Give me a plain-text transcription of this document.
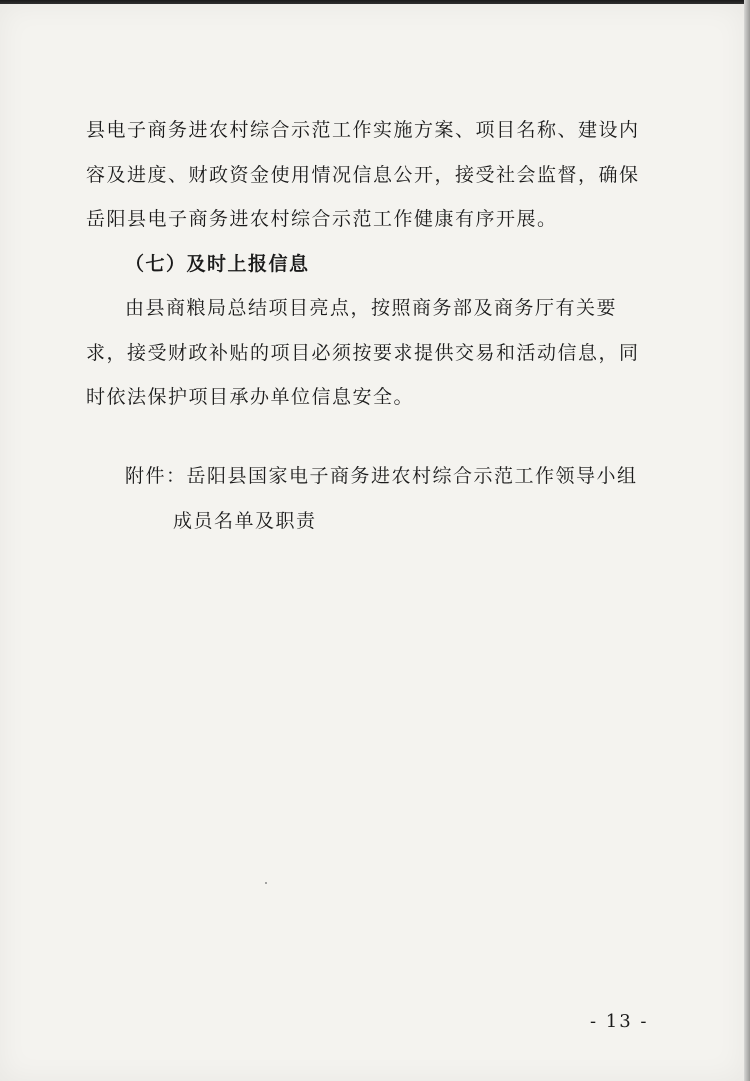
县电子商务进农村综合示范工作实施方案、项目名称、建设内
容及进度、财政资金使用情况信息公开，接受社会监督，确保
岳阳县电子商务进农村综合示范工作健康有序开展。
（七）及时上报信息
由县商粮局总结项目亮点，按照商务部及商务厅有关要
求，接受财政补贴的项目必须按要求提供交易和活动信息，同
时依法保护项目承办单位信息安全。
附件：岳阳县国家电子商务进农村综合示范工作领导小组
成员名单及职责
- 13 -
